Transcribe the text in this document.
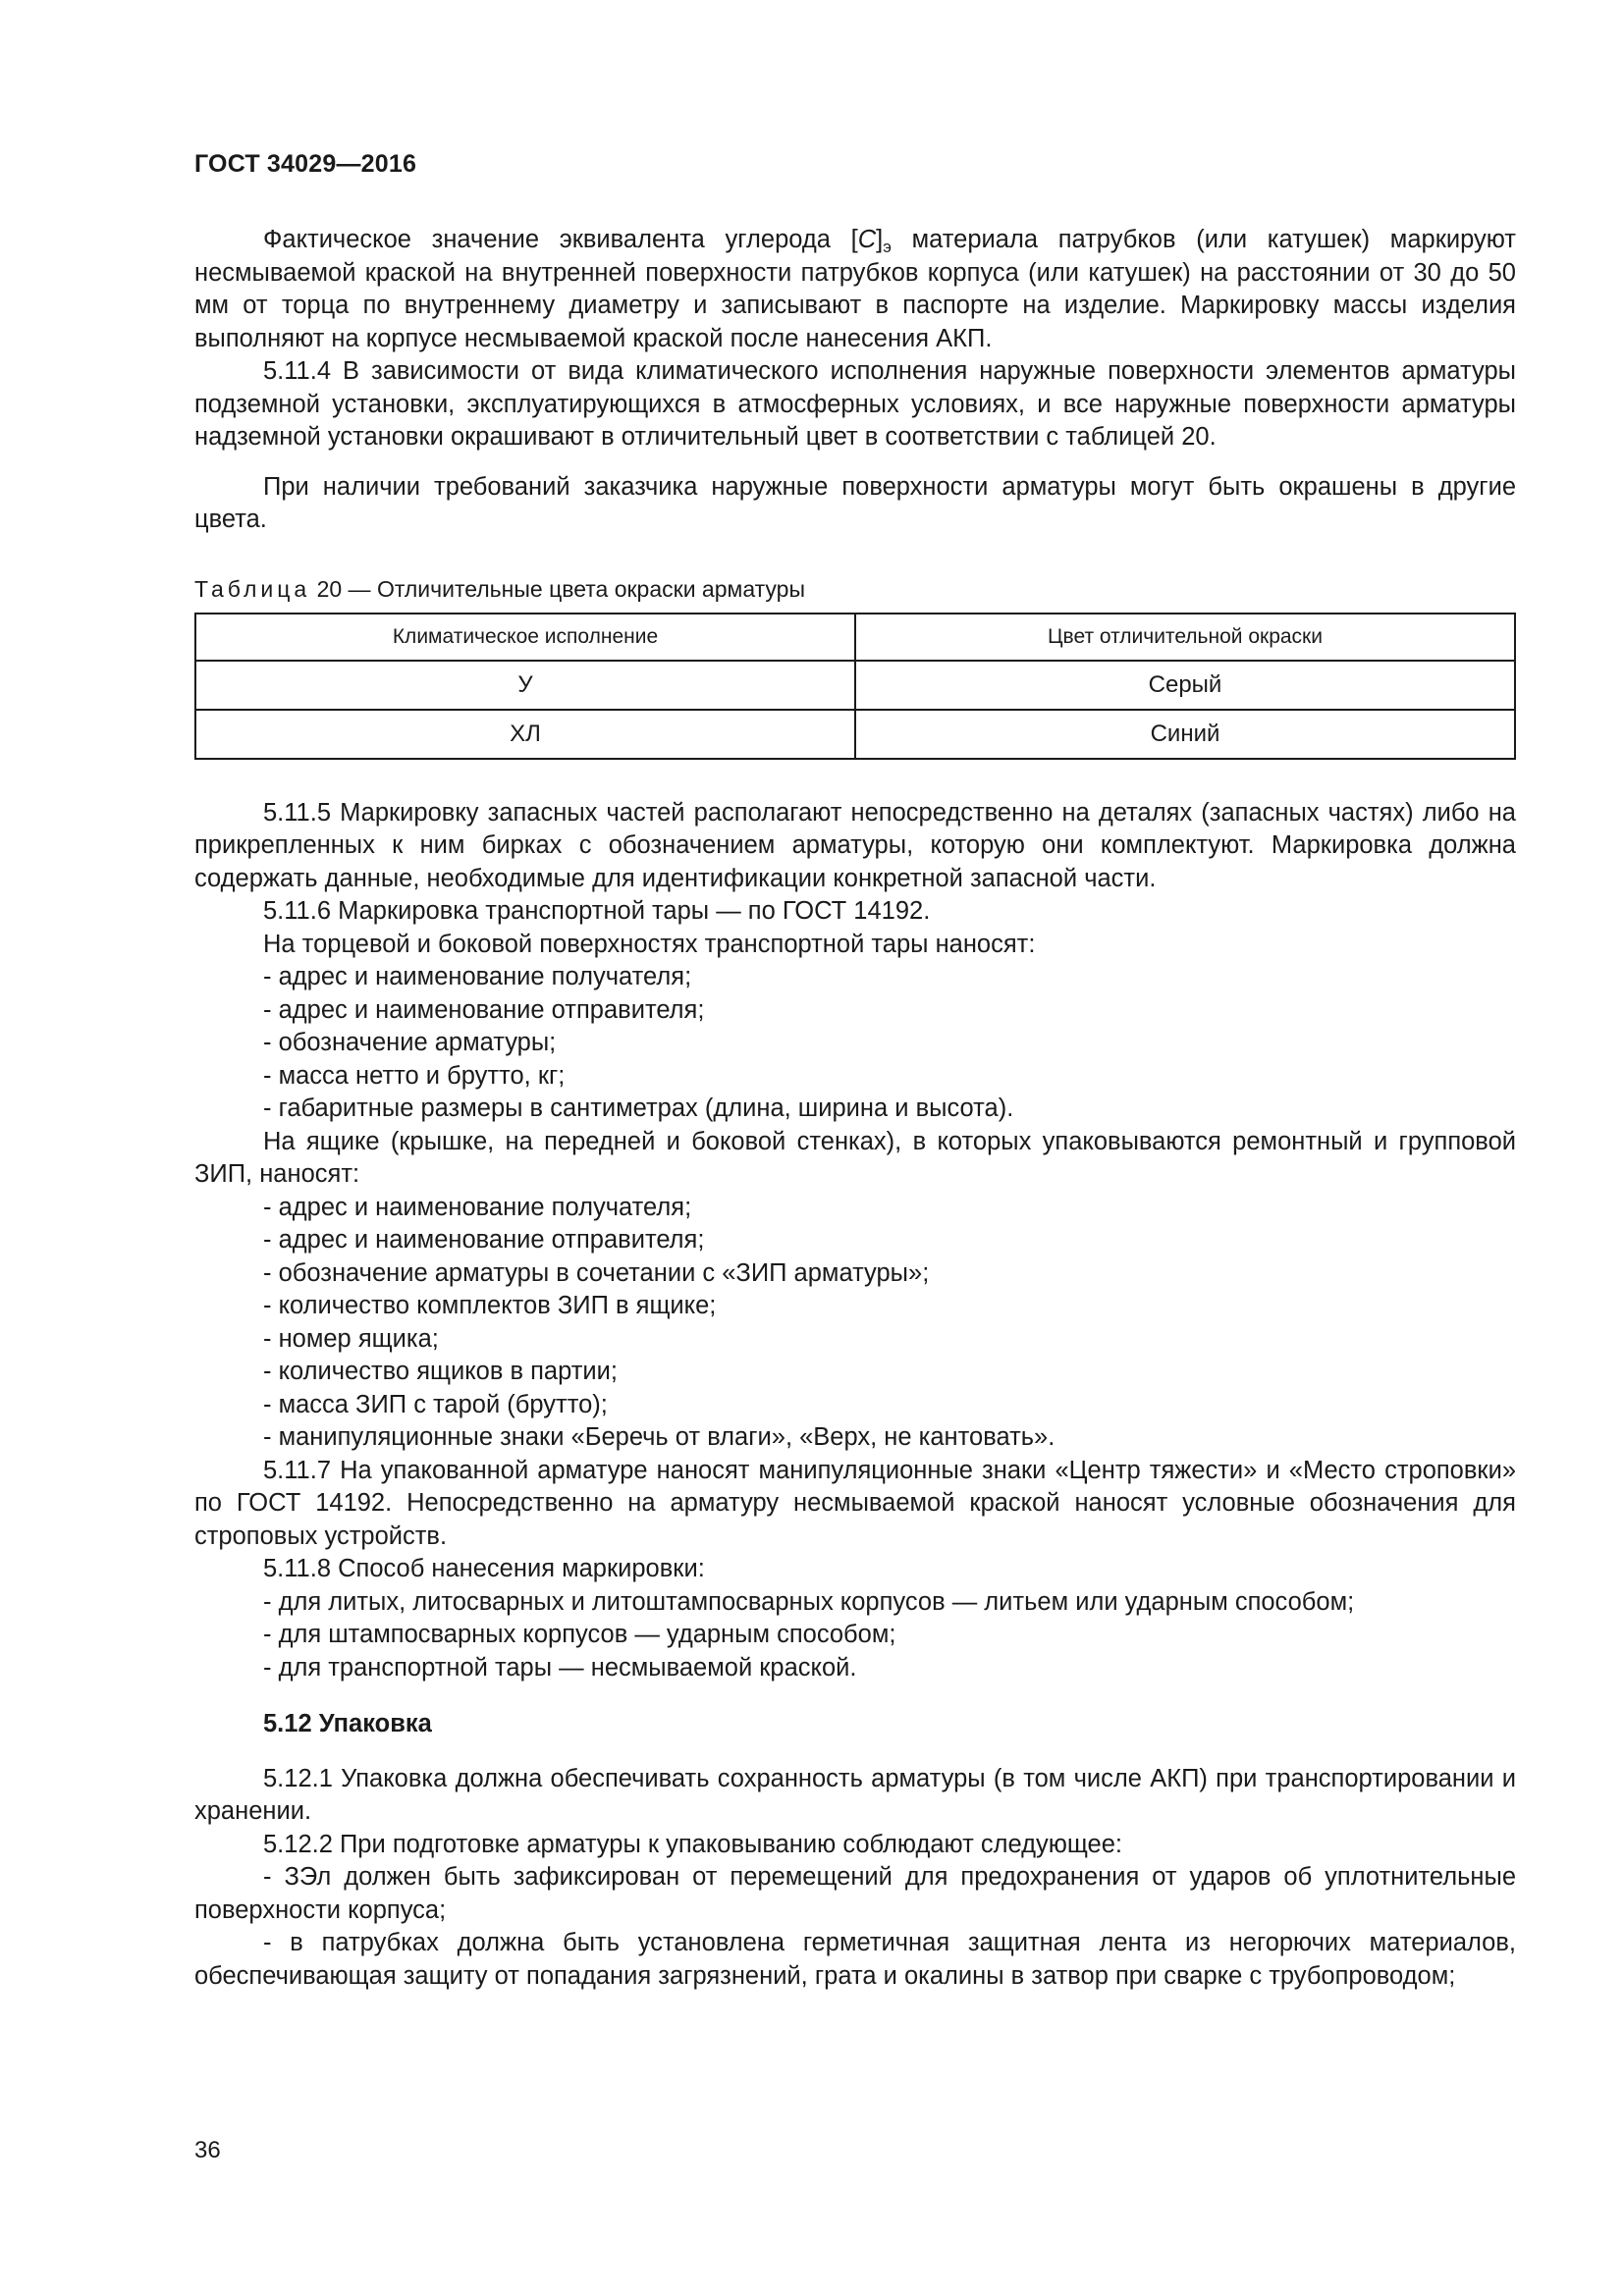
ГОСТ 34029—2016

Фактическое значение эквивалента углерода $[С]_э$ материала патрубков (или катушек) маркируют несмываемой краской на внутренней поверхности патрубков корпуса (или катушек) на расстоянии от 30 до 50 мм от торца по внутреннему диаметру и записывают в паспорте на изделие. Маркировку массы изделия выполняют на корпусе несмываемой краской после нанесения АКП.

5.11.4 В зависимости от вида климатического исполнения наружные поверхности элементов арматуры подземной установки, эксплуатирующихся в атмосферных условиях, и все наружные поверхности арматуры надземной установки окрашивают в отличительный цвет в соответствии с таблицей 20.

При наличии требований заказчика наружные поверхности арматуры могут быть окрашены в другие цвета.

Таблица 20 — Отличительные цвета окраски арматуры
Климатическое исполнение	Цвет отличительной окраски
У	Серый
ХЛ	Синий

5.11.5 Маркировку запасных частей располагают непосредственно на деталях (запасных частях) либо на прикрепленных к ним бирках с обозначением арматуры, которую они комплектуют. Маркировка должна содержать данные, необходимые для идентификации конкретной запасной части.

5.11.6 Маркировка транспортной тары — по ГОСТ 14192.

На торцевой и боковой поверхностях транспортной тары наносят:

- адрес и наименование получателя;

- адрес и наименование отправителя;

- обозначение арматуры;

- масса нетто и брутто, кг;

- габаритные размеры в сантиметрах (длина, ширина и высота).

На ящике (крышке, на передней и боковой стенках), в которых упаковываются ремонтный и групповой ЗИП, наносят:

- адрес и наименование получателя;

- адрес и наименование отправителя;

- обозначение арматуры в сочетании с «ЗИП арматуры»;

- количество комплектов ЗИП в ящике;

- номер ящика;

- количество ящиков в партии;

- масса ЗИП с тарой (брутто);

- манипуляционные знаки «Беречь от влаги», «Верх, не кантовать».

5.11.7 На упакованной арматуре наносят манипуляционные знаки «Центр тяжести» и «Место строповки» по ГОСТ 14192. Непосредственно на арматуру несмываемой краской наносят условные обозначения для строповых устройств.

5.11.8 Способ нанесения маркировки:

- для литых, литосварных и литоштампосварных корпусов — литьем или ударным способом;

- для штампосварных корпусов — ударным способом;

- для транспортной тары — несмываемой краской.

5.12 Упаковка

5.12.1 Упаковка должна обеспечивать сохранность арматуры (в том числе АКП) при транспортировании и хранении.

5.12.2 При подготовке арматуры к упаковыванию соблюдают следующее:

- ЗЭл должен быть зафиксирован от перемещений для предохранения от ударов об уплотнительные поверхности корпуса;

- в патрубках должна быть установлена герметичная защитная лента из негорючих материалов, обеспечивающая защиту от попадания загрязнений, грата и окалины в затвор при сварке с трубопроводом;

36
